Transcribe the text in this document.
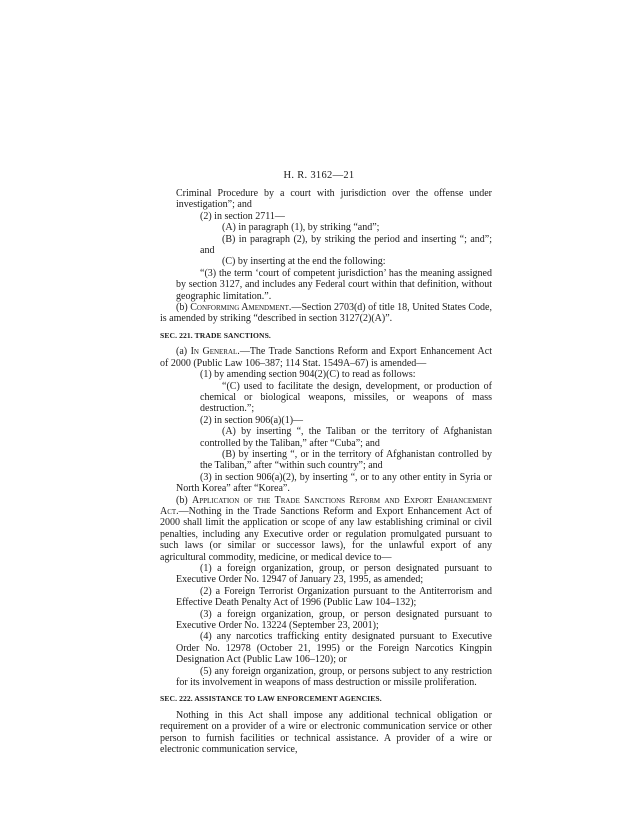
H. R. 3162—21

Criminal Procedure by a court with jurisdiction over the offense under investigation”; and

(2) in section 2711—

(A) in paragraph (1), by striking “and”;

(B) in paragraph (2), by striking the period and inserting “; and”; and

(C) by inserting at the end the following:

“(3) the term ‘court of competent jurisdiction’ has the meaning assigned by section 3127, and includes any Federal court within that definition, without geographic limitation.”.

(b) Conforming Amendment.—Section 2703(d) of title 18, United States Code, is amended by striking “described in section 3127(2)(A)”.

SEC. 221. TRADE SANCTIONS.

(a) In General.—The Trade Sanctions Reform and Export Enhancement Act of 2000 (Public Law 106–387; 114 Stat. 1549A–67) is amended—

(1) by amending section 904(2)(C) to read as follows:

“(C) used to facilitate the design, development, or production of chemical or biological weapons, missiles, or weapons of mass destruction.”;

(2) in section 906(a)(1)—

(A) by inserting “, the Taliban or the territory of Afghanistan controlled by the Taliban,” after “Cuba”; and

(B) by inserting “, or in the territory of Afghanistan controlled by the Taliban,” after “within such country”; and

(3) in section 906(a)(2), by inserting “, or to any other entity in Syria or North Korea” after “Korea”.

(b) Application of the Trade Sanctions Reform and Export Enhancement Act.—Nothing in the Trade Sanctions Reform and Export Enhancement Act of 2000 shall limit the application or scope of any law establishing criminal or civil penalties, including any Executive order or regulation promulgated pursuant to such laws (or similar or successor laws), for the unlawful export of any agricultural commodity, medicine, or medical device to—

(1) a foreign organization, group, or person designated pursuant to Executive Order No. 12947 of January 23, 1995, as amended;

(2) a Foreign Terrorist Organization pursuant to the Antiterrorism and Effective Death Penalty Act of 1996 (Public Law 104–132);

(3) a foreign organization, group, or person designated pursuant to Executive Order No. 13224 (September 23, 2001);

(4) any narcotics trafficking entity designated pursuant to Executive Order No. 12978 (October 21, 1995) or the Foreign Narcotics Kingpin Designation Act (Public Law 106–120); or

(5) any foreign organization, group, or persons subject to any restriction for its involvement in weapons of mass destruction or missile proliferation.

SEC. 222. ASSISTANCE TO LAW ENFORCEMENT AGENCIES.

Nothing in this Act shall impose any additional technical obligation or requirement on a provider of a wire or electronic communication service or other person to furnish facilities or technical assistance. A provider of a wire or electronic communication service,
